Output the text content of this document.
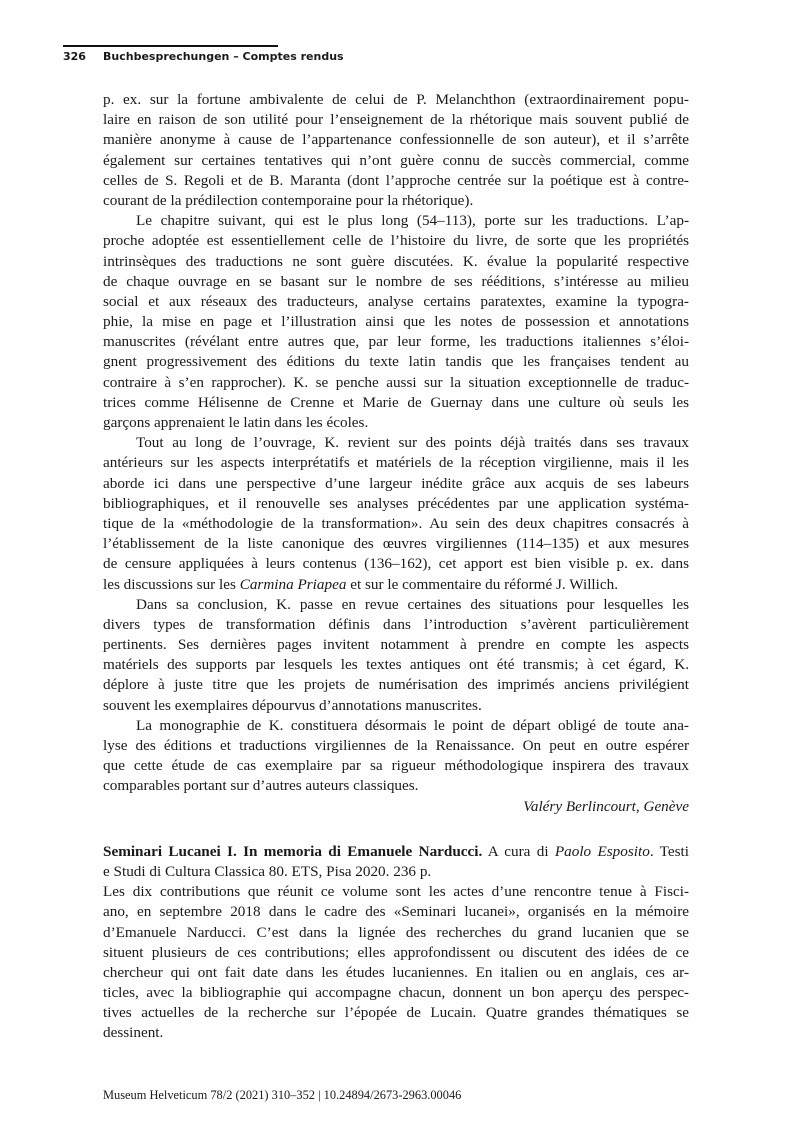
326 Buchbesprechungen – Comptes rendus
p. ex. sur la fortune ambivalente de celui de P. Melanchthon (extraordinairement popu-
laire en raison de son utilité pour l’enseignement de la rhétorique mais souvent publié de
manière anonyme à cause de l’appartenance confessionnelle de son auteur), et il s’arrête
également sur certaines tentatives qui n’ont guère connu de succès commercial, comme
celles de S. Regoli et de B. Maranta (dont l’approche centrée sur la poétique est à contre-
courant de la prédilection contemporaine pour la rhétorique).
Le chapitre suivant, qui est le plus long (54–113), porte sur les traductions. L’ap-
proche adoptée est essentiellement celle de l’histoire du livre, de sorte que les propriétés
intrinsèques des traductions ne sont guère discutées. K. évalue la popularité respective
de chaque ouvrage en se basant sur le nombre de ses rééditions, s’intéresse au milieu
social et aux réseaux des traducteurs, analyse certains paratextes, examine la typogra-
phie, la mise en page et l’illustration ainsi que les notes de possession et annotations
manuscrites (révélant entre autres que, par leur forme, les traductions italiennes s’éloi-
gnent progressivement des éditions du texte latin tandis que les françaises tendent au
contraire à s’en rapprocher). K. se penche aussi sur la situation exceptionnelle de traduc-
trices comme Hélisenne de Crenne et Marie de Guernay dans une culture où seuls les
garçons apprenaient le latin dans les écoles.
Tout au long de l’ouvrage, K. revient sur des points déjà traités dans ses travaux
antérieurs sur les aspects interprétatifs et matériels de la réception virgilienne, mais il les
aborde ici dans une perspective d’une largeur inédite grâce aux acquis de ses labeurs
bibliographiques, et il renouvelle ses analyses précédentes par une application systéma-
tique de la «méthodologie de la transformation». Au sein des deux chapitres consacrés à
l’établissement de la liste canonique des œuvres virgiliennes (114–135) et aux mesures
de censure appliquées à leurs contenus (136–162), cet apport est bien visible p. ex. dans
les discussions sur les Carmina Priapea et sur le commentaire du réformé J. Willich.
Dans sa conclusion, K. passe en revue certaines des situations pour lesquelles les
divers types de transformation définis dans l’introduction s’avèrent particulièrement
pertinents. Ses dernières pages invitent notamment à prendre en compte les aspects
matériels des supports par lesquels les textes antiques ont été transmis; à cet égard, K.
déplore à juste titre que les projets de numérisation des imprimés anciens privilégient
souvent les exemplaires dépourvus d’annotations manuscrites.
La monographie de K. constituera désormais le point de départ obligé de toute ana-
lyse des éditions et traductions virgiliennes de la Renaissance. On peut en outre espérer
que cette étude de cas exemplaire par sa rigueur méthodologique inspirera des travaux
comparables portant sur d’autres auteurs classiques.
Valéry Berlincourt, Genève
Seminari Lucanei I. In memoria di Emanuele Narducci. A cura di Paolo Esposito. Testi
e Studi di Cultura Classica 80. ETS, Pisa 2020. 236 p.
Les dix contributions que réunit ce volume sont les actes d’une rencontre tenue à Fisci-
ano, en septembre 2018 dans le cadre des «Seminari lucanei», organisés en la mémoire
d’Emanuele Narducci. C’est dans la lignée des recherches du grand lucanien que se
situent plusieurs de ces contributions; elles approfondissent ou discutent des idées de ce
chercheur qui ont fait date dans les études lucaniennes. En italien ou en anglais, ces ar-
ticles, avec la bibliographie qui accompagne chacun, donnent un bon aperçu des perspec-
tives actuelles de la recherche sur l’épopée de Lucain. Quatre grandes thématiques se
dessinent.
Museum Helveticum 78/2 (2021) 310–352 | 10.24894/2673-2963.00046
